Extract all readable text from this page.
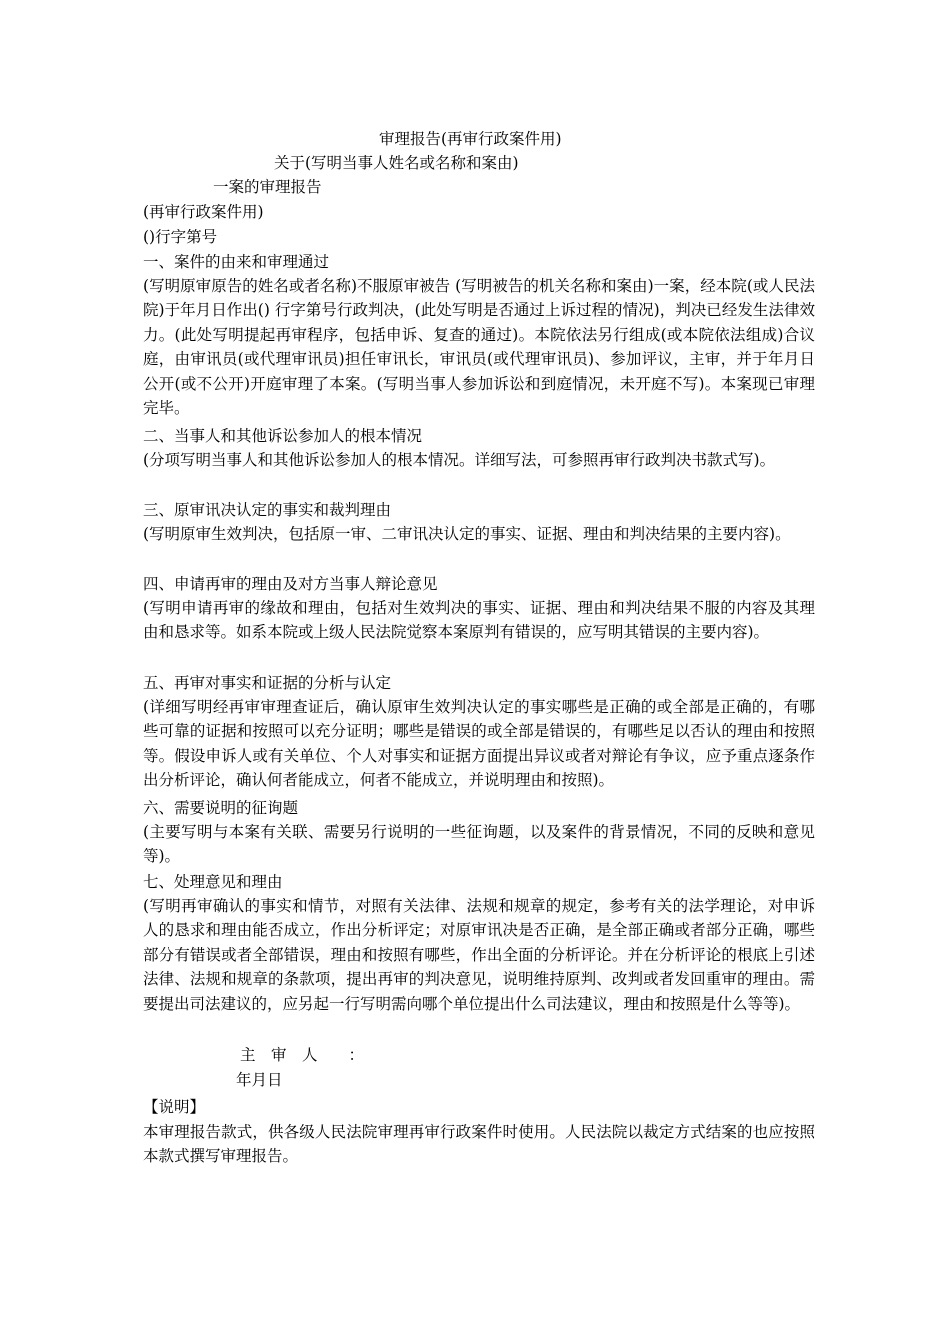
审理报告(再审行政案件用)
关于(写明当事人姓名或名称和案由)
一案的审理报告
(再审行政案件用)
()行字第号
一、案件的由来和审理通过
(写明原审原告的姓名或者名称)不服原审被告 (写明被告的机关名称和案由)一案，经本院(或人民法院)于年月日作出() 行字第号行政判决，(此处写明是否通过上诉过程的情况)，判决已经发生法律效力。(此处写明提起再审程序，包括申诉、复查的通过)。本院依法另行组成(或本院依法组成)合议庭，由审讯员(或代理审讯员)担任审讯长，审讯员(或代理审讯员)、参加评议，主审，并于年月日公开(或不公开)开庭审理了本案。(写明当事人参加诉讼和到庭情况，未开庭不写)。本案现已审理完毕。
二、当事人和其他诉讼参加人的根本情况
(分项写明当事人和其他诉讼参加人的根本情况。详细写法，可参照再审行政判决书款式写)。
三、原审讯决认定的事实和裁判理由
(写明原审生效判决，包括原一审、二审讯决认定的事实、证据、理由和判决结果的主要内容)。
四、申请再审的理由及对方当事人辩论意见
(写明申请再审的缘故和理由，包括对生效判决的事实、证据、理由和判决结果不服的内容及其理由和恳求等。如系本院或上级人民法院觉察本案原判有错误的，应写明其错误的主要内容)。
五、再审对事实和证据的分析与认定
(详细写明经再审审理查证后，确认原审生效判决认定的事实哪些是正确的或全部是正确的，有哪些可靠的证据和按照可以充分证明；哪些是错误的或全部是错误的，有哪些足以否认的理由和按照等。假设申诉人或有关单位、个人对事实和证据方面提出异议或者对辩论有争议，应予重点逐条作出分析评论，确认何者能成立，何者不能成立，并说明理由和按照)。
六、需要说明的征询题
(主要写明与本案有关联、需要另行说明的一些征询题，以及案件的背景情况，不同的反映和意见等)。
七、处理意见和理由
(写明再审确认的事实和情节，对照有关法律、法规和规章的规定，参考有关的法学理论，对申诉人的恳求和理由能否成立，作出分析评定；对原审讯决是否正确，是全部正确或者部分正确，哪些部分有错误或者全部错误，理由和按照有哪些，作出全面的分析评论。并在分析评论的根底上引述法律、法规和规章的条款项，提出再审的判决意见，说明维持原判、改判或者发回重审的理由。需要提出司法建议的，应另起一行写明需向哪个单位提出什么司法建议，理由和按照是什么等等)。
主　审　人　　：
年月日
【说明】
本审理报告款式，供各级人民法院审理再审行政案件时使用。人民法院以裁定方式结案的也应按照本款式撰写审理报告。
